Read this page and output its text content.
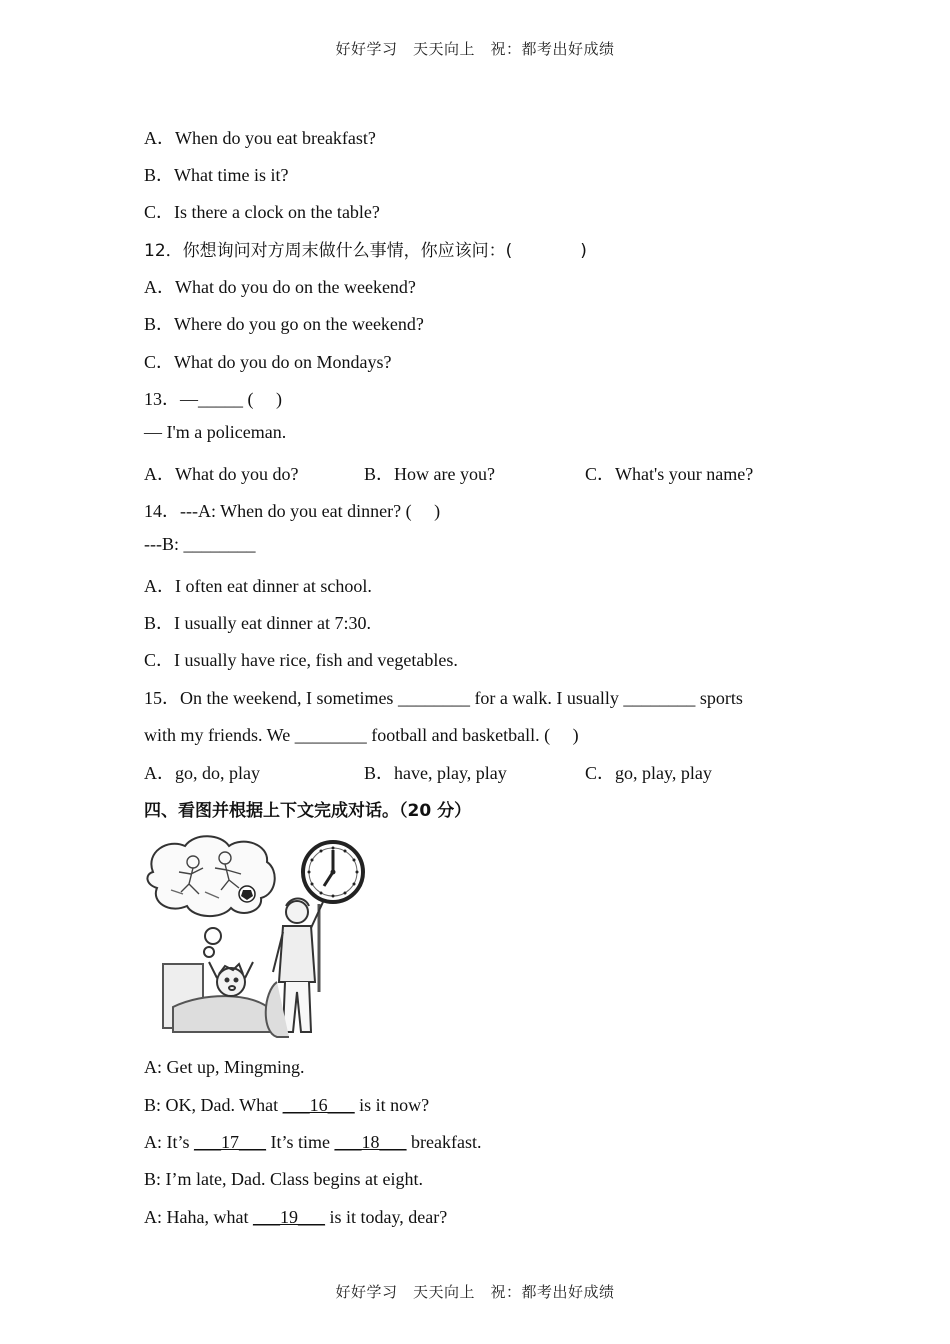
好好学习　天天向上　祝：都考出好成绩
A．When do you eat breakfast?
B．What time is it?
C．Is there a clock on the table?
12．你想询问对方周末做什么事情，你应该问：(　　　　)
A．What do you do on the weekend?
B．Where do you go on the weekend?
C．What do you do on Mondays?
13．—_____ (　 )
— I'm a policeman.
A．What do you do?	B．How are you?	C．What's your name?
14．---A: When do you eat dinner? (　 )
---B: ________
A．I often eat dinner at school.
B．I usually eat dinner at 7:30.
C．I usually have rice, fish and vegetables.
15．On the weekend, I sometimes ________ for a walk. I usually ________ sports
with my friends. We ________ football and basketball. (　 )
A．go, do, play	B．have, play, play	C．go, play, play
四、看图并根据上下文完成对话。（20 分）
A: Get up, Mingming.
B: OK, Dad. What ___16___ is it now?
A: It’s ___17___ It’s time ___18___ breakfast.
B: I’m late, Dad. Class begins at eight.
A: Haha, what ___19___ is it today, dear?
好好学习　天天向上　祝：都考出好成绩
